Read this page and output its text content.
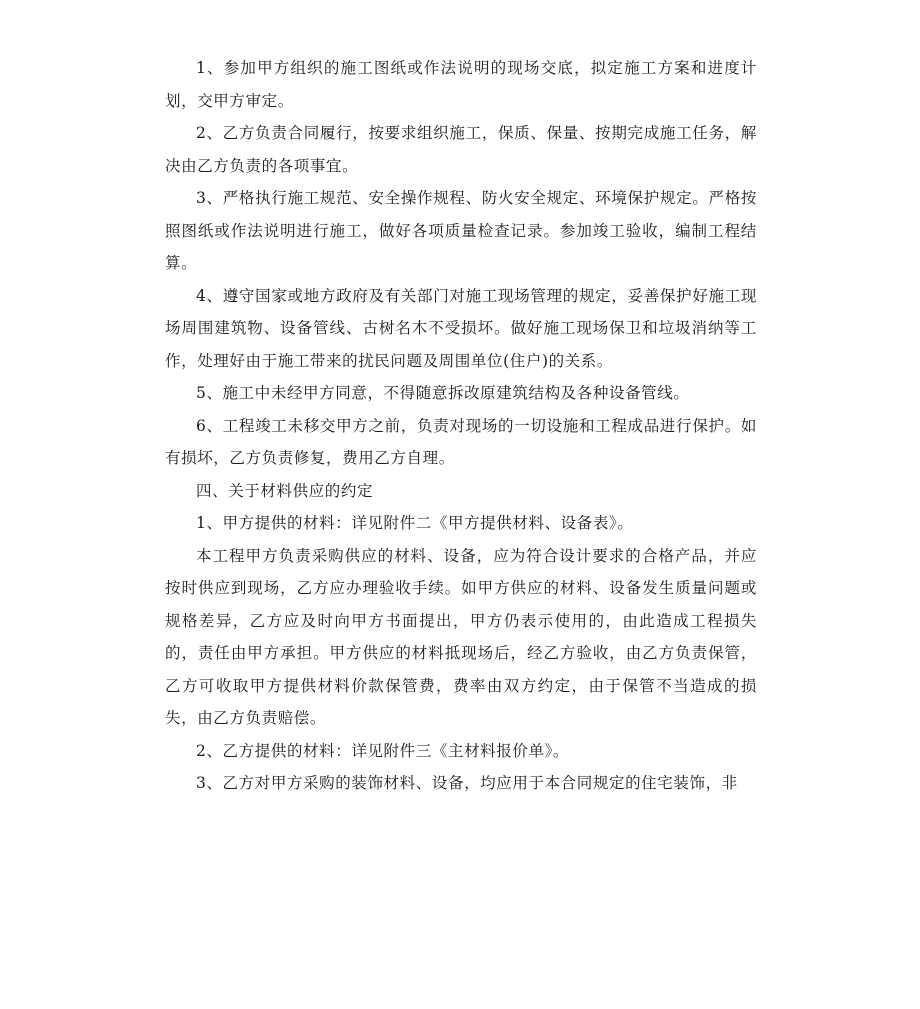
1、参加甲方组织的施工图纸或作法说明的现场交底，拟定施工方案和进度计划，交甲方审定。

2、乙方负责合同履行，按要求组织施工，保质、保量、按期完成施工任务，解决由乙方负责的各项事宜。

3、严格执行施工规范、安全操作规程、防火安全规定、环境保护规定。严格按照图纸或作法说明进行施工，做好各项质量检查记录。参加竣工验收，编制工程结算。

4、遵守国家或地方政府及有关部门对施工现场管理的规定，妥善保护好施工现场周围建筑物、设备管线、古树名木不受损坏。做好施工现场保卫和垃圾消纳等工作，处理好由于施工带来的扰民问题及周围单位(住户)的关系。

5、施工中未经甲方同意，不得随意拆改原建筑结构及各种设备管线。

6、工程竣工未移交甲方之前，负责对现场的一切设施和工程成品进行保护。如有损坏，乙方负责修复，费用乙方自理。

四、关于材料供应的约定

1、甲方提供的材料：详见附件二《甲方提供材料、设备表》。

本工程甲方负责采购供应的材料、设备，应为符合设计要求的合格产品，并应按时供应到现场，乙方应办理验收手续。如甲方供应的材料、设备发生质量问题或规格差异，乙方应及时向甲方书面提出，甲方仍表示使用的，由此造成工程损失的，责任由甲方承担。甲方供应的材料抵现场后，经乙方验收，由乙方负责保管，乙方可收取甲方提供材料价款保管费，费率由双方约定，由于保管不当造成的损失，由乙方负责赔偿。

2、乙方提供的材料：详见附件三《主材料报价单》。

3、乙方对甲方采购的装饰材料、设备，均应用于本合同规定的住宅装饰，非
